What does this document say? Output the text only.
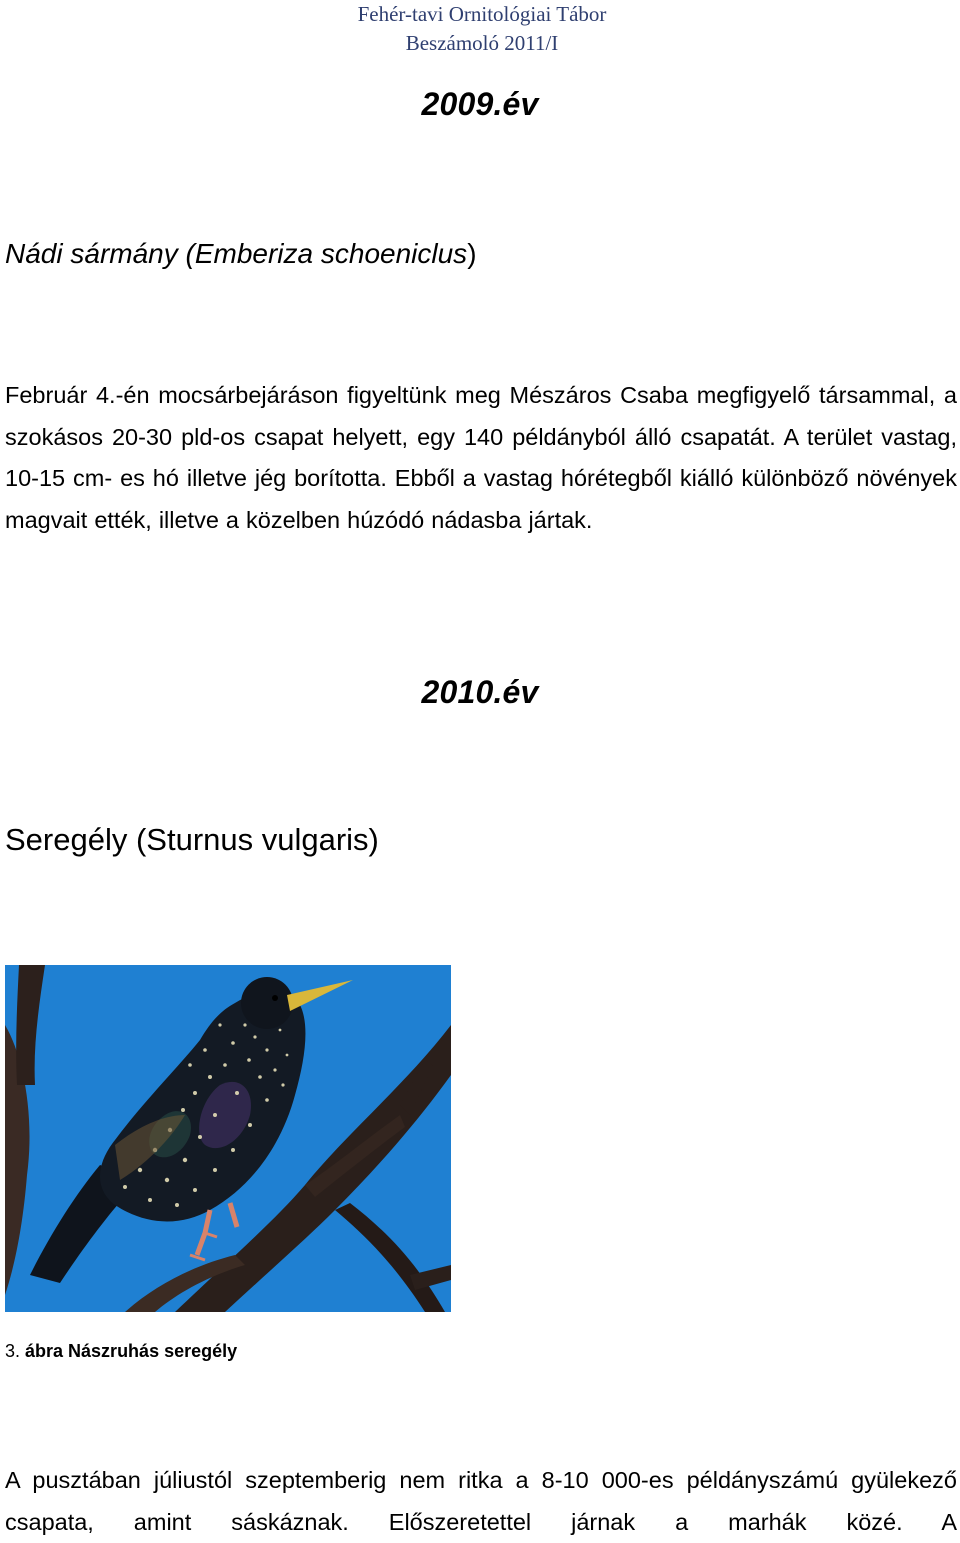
Fehér-tavi Ornitológiai Tábor
Beszámoló 2011/I
2009.év
Nádi sármány (Emberiza schoeniclus)
Február 4.-én mocsárbejáráson figyeltünk meg Mészáros Csaba megfigyelő társammal, a szokásos 20-30 pld-os csapat helyett, egy 140 példányból álló csapatát. A terület vastag, 10-15 cm- es hó illetve jég borította. Ebből a vastag hórétegből kiálló különböző növények magvait ették, illetve a közelben húzódó nádasba jártak.
2010.év
Seregély (Sturnus vulgaris)
3. ábra Nászruhás seregély
A pusztában júliustól szeptemberig nem ritka a 8-10 000-es példányszámú gyülekező csapata, amint sáskáznak. Előszeretettel járnak a marhák közé. A
